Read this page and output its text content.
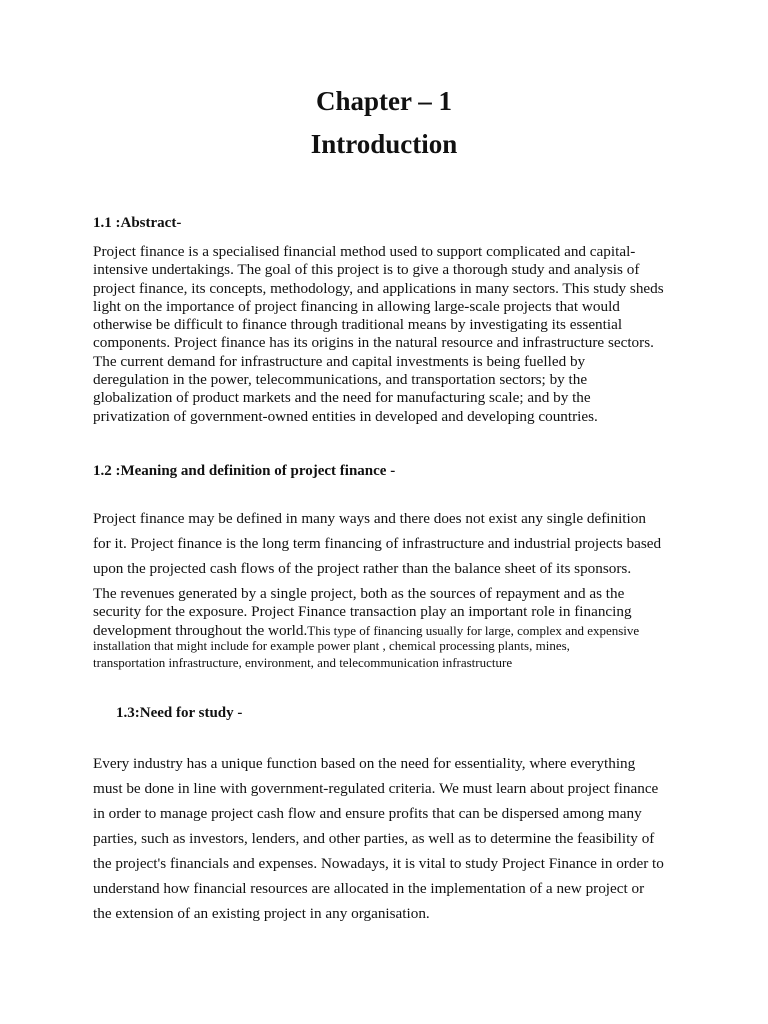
Chapter – 1
Introduction
1.1 :Abstract-

Project finance is a specialised financial method used to support complicated and capital-
intensive undertakings. The goal of this project is to give a thorough study and analysis of
project finance, its concepts, methodology, and applications in many sectors. This study sheds
light on the importance of project financing in allowing large-scale projects that would
otherwise be difficult to finance through traditional means by investigating its essential
components. Project finance has its origins in the natural resource and infrastructure sectors.
The current demand for infrastructure and capital investments is being fuelled by
deregulation in the power, telecommunications, and transportation sectors; by the
globalization of product markets and the need for manufacturing scale; and by the
privatization of government-owned entities in developed and developing countries.

1.2 :Meaning and definition of project finance -

Project finance may be defined in many ways and there does not exist any single definition
for it. Project finance is the long term financing of infrastructure and industrial projects based
upon the projected cash flows of the project rather than the balance sheet of its sponsors.

The revenues generated by a single project, both as the sources of repayment and as the
security for the exposure. Project Finance transaction play an important role in financing
development throughout the world.This type of financing usually for large, complex and expensive

installation that might include for example power plant , chemical processing plants, mines,
transportation infrastructure, environment, and telecommunication infrastructure

1.3:Need for study -

Every industry has a unique function based on the need for essentiality, where everything
must be done in line with government-regulated criteria. We must learn about project finance
in order to manage project cash flow and ensure profits that can be dispersed among many
parties, such as investors, lenders, and other parties, as well as to determine the feasibility of
the project's financials and expenses. Nowadays, it is vital to study Project Finance in order to
understand how financial resources are allocated in the implementation of a new project or
the extension of an existing project in any organisation.
